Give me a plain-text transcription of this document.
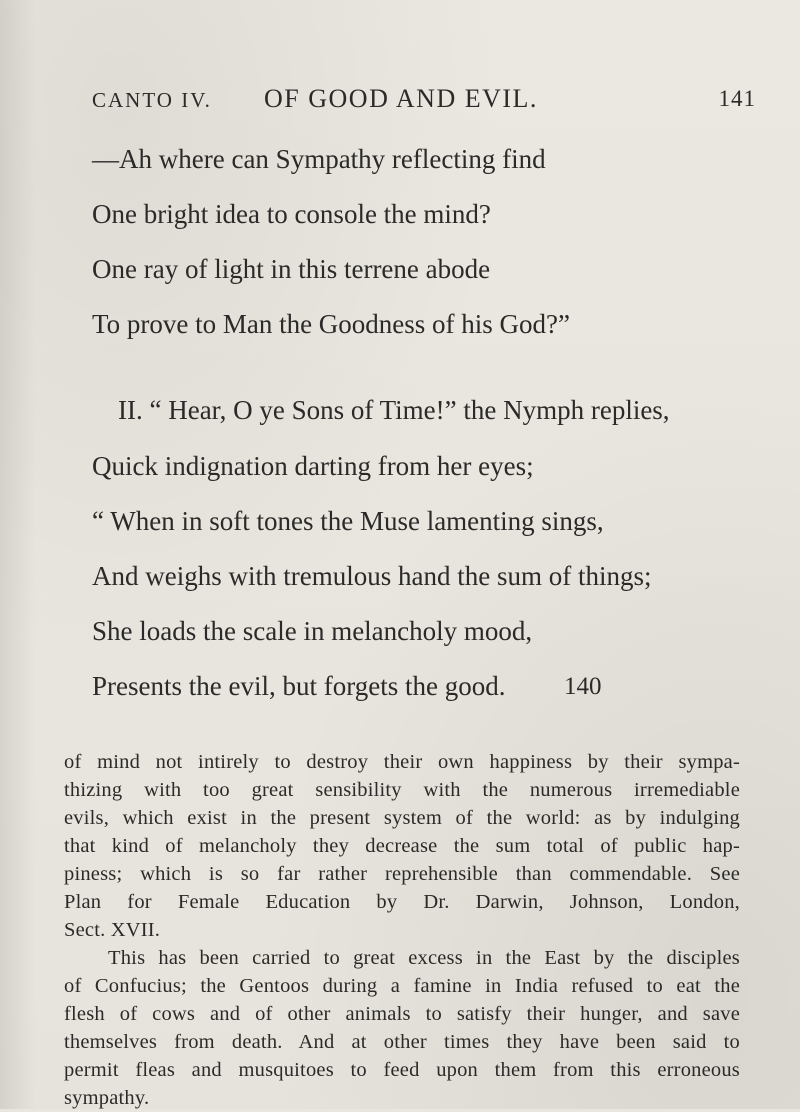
CANTO IV. OF GOOD AND EVIL.	141
—Ah where can Sympathy reflecting find
One bright idea to console the mind?
One ray of light in this terrene abode
To prove to Man the Goodness of his God?”
II. “ Hear, O ye Sons of Time!” the Nymph replies,
Quick indignation darting from her eyes;
“ When in soft tones the Muse lamenting sings,
And weighs with tremulous hand the sum of things;
She loads the scale in melancholy mood,
Presents the evil, but forgets the good.	140
of mind not intirely to destroy their own happiness by their sympa-
thizing with too great sensibility with the numerous irremediable
evils, which exist in the present system of the world: as by indulging
that kind of melancholy they decrease the sum total of public hap-
piness; which is so far rather reprehensible than commendable. See
Plan for Female Education by Dr. Darwin, Johnson, London,
Sect. XVII.
This has been carried to great excess in the East by the disciples
of Confucius; the Gentoos during a famine in India refused to eat the
flesh of cows and of other animals to satisfy their hunger, and save
themselves from death. And at other times they have been said to
permit fleas and musquitoes to feed upon them from this erroneous
sympathy.
